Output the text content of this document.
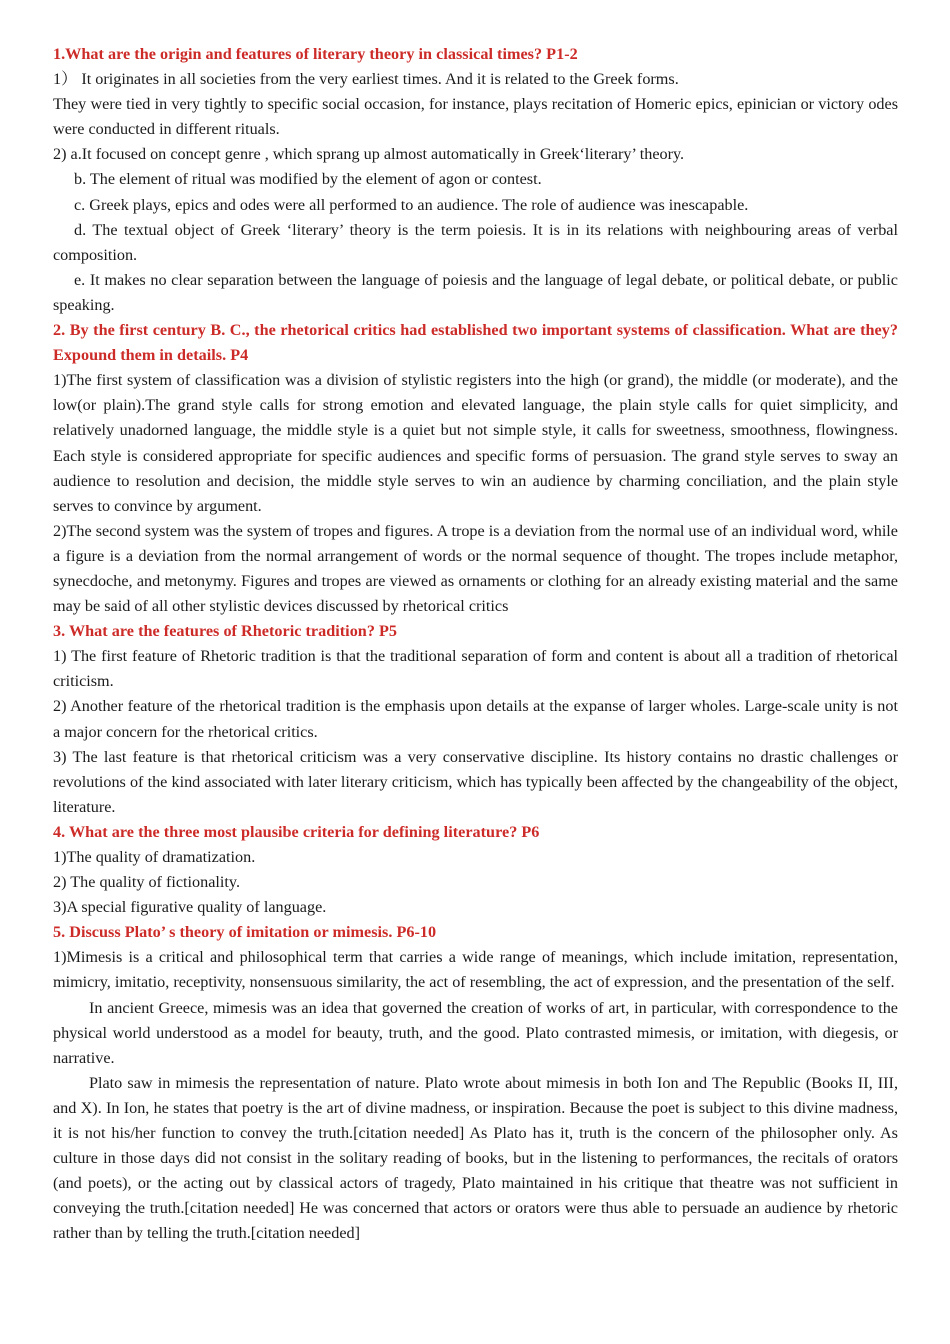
1.What are the origin and features of literary theory in classical times? P1-2

1） It originates in all societies from the very earliest times. And it is related to the Greek forms.

They were tied in very tightly to specific social occasion, for instance, plays recitation of Homeric epics, epinician or victory odes were conducted in different rituals.

2) a.It focused on concept genre , which sprang up almost automatically in Greek‘literary’ theory.

b. The element of ritual was modified by the element of agon or contest.

c. Greek plays, epics and odes were all performed to an audience. The role of audience was inescapable.

d. The textual object of Greek ‘literary’ theory is the term poiesis. It is in its relations with neighbouring areas of verbal composition.

e. It makes no clear separation between the language of poiesis and the language of legal debate, or political debate, or public speaking.

2. By the first century B. C., the rhetorical critics had established two important systems of classification. What are they? Expound them in details. P4

1)The first system of classification was a division of stylistic registers into the high (or grand), the middle (or moderate), and the low(or plain).The grand style calls for strong emotion and elevated language, the plain style calls for quiet simplicity, and relatively unadorned language, the middle style is a quiet but not simple style, it calls for sweetness, smoothness, flowingness. Each style is considered appropriate for specific audiences and specific forms of persuasion. The grand style serves to sway an audience to resolution and decision, the middle style serves to win an audience by charming conciliation, and the plain style serves to convince by argument.

2)The second system was the system of tropes and figures. A trope is a deviation from the normal use of an individual word, while a figure is a deviation from the normal arrangement of words or the normal sequence of thought. The tropes include metaphor, synecdoche, and metonymy. Figures and tropes are viewed as ornaments or clothing for an already existing material and the same may be said of all other stylistic devices discussed by rhetorical critics

3. What are the features of Rhetoric tradition? P5

1) The first feature of Rhetoric tradition is that the traditional separation of form and content is about all a tradition of rhetorical criticism.

2) Another feature of the rhetorical tradition is the emphasis upon details at the expanse of larger wholes. Large-scale unity is not a major concern for the rhetorical critics.

3) The last feature is that rhetorical criticism was a very conservative discipline. Its history contains no drastic challenges or revolutions of the kind associated with later literary criticism, which has typically been affected by the changeability of the object, literature.

4. What are the three most plausibe criteria for defining literature? P6

1)The quality of dramatization.

2) The quality of fictionality.

3)A special figurative quality of language.

5. Discuss Plato’ s theory of imitation or mimesis. P6-10

1)Mimesis is a critical and philosophical term that carries a wide range of meanings, which include imitation, representation, mimicry, imitatio, receptivity, nonsensuous similarity, the act of resembling, the act of expression, and the presentation of the self.

In ancient Greece, mimesis was an idea that governed the creation of works of art, in particular, with correspondence to the physical world understood as a model for beauty, truth, and the good. Plato contrasted mimesis, or imitation, with diegesis, or narrative.

Plato saw in mimesis the representation of nature. Plato wrote about mimesis in both Ion and The Republic (Books II, III, and X). In Ion, he states that poetry is the art of divine madness, or inspiration. Because the poet is subject to this divine madness, it is not his/her function to convey the truth.[citation needed] As Plato has it, truth is the concern of the philosopher only. As culture in those days did not consist in the solitary reading of books, but in the listening to performances, the recitals of orators (and poets), or the acting out by classical actors of tragedy, Plato maintained in his critique that theatre was not sufficient in conveying the truth.[citation needed] He was concerned that actors or orators were thus able to persuade an audience by rhetoric rather than by telling the truth.[citation needed]
